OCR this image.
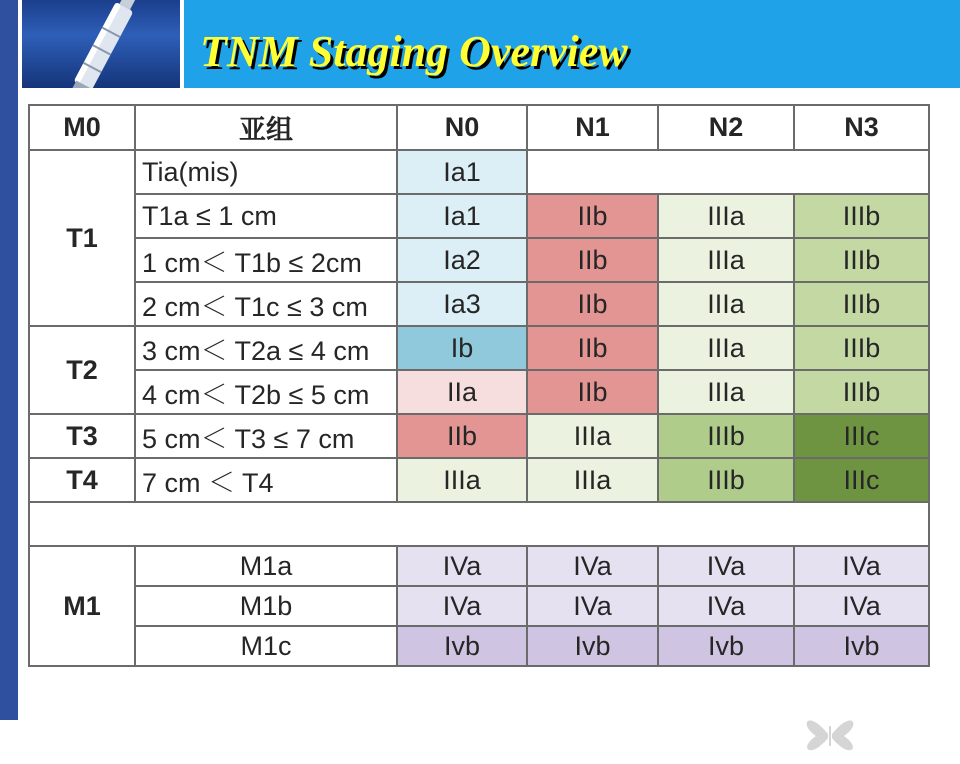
TNM Staging Overview
M0	亚组	N0	N1	N2	N3
T1	Tia(mis)	Ia1			
	T1a ≤ 1 cm	Ia1	IIb	IIIa	IIIb
	1 cm＜ T1b ≤ 2cm	Ia2	IIb	IIIa	IIIb
	2 cm＜ T1c ≤ 3 cm	Ia3	IIb	IIIa	IIIb
T2	3 cm＜ T2a ≤ 4 cm	Ib	IIb	IIIa	IIIb
	4 cm＜ T2b ≤ 5 cm	IIa	IIb	IIIa	IIIb
T3	5 cm＜ T3 ≤ 7 cm	IIb	IIIa	IIIb	IIIc
T4	7 cm ＜ T4	IIIa	IIIa	IIIb	IIIc

M1	M1a	IVa	IVa	IVa	IVa
	M1b	IVa	IVa	IVa	IVa
	M1c	Ivb	Ivb	Ivb	Ivb
